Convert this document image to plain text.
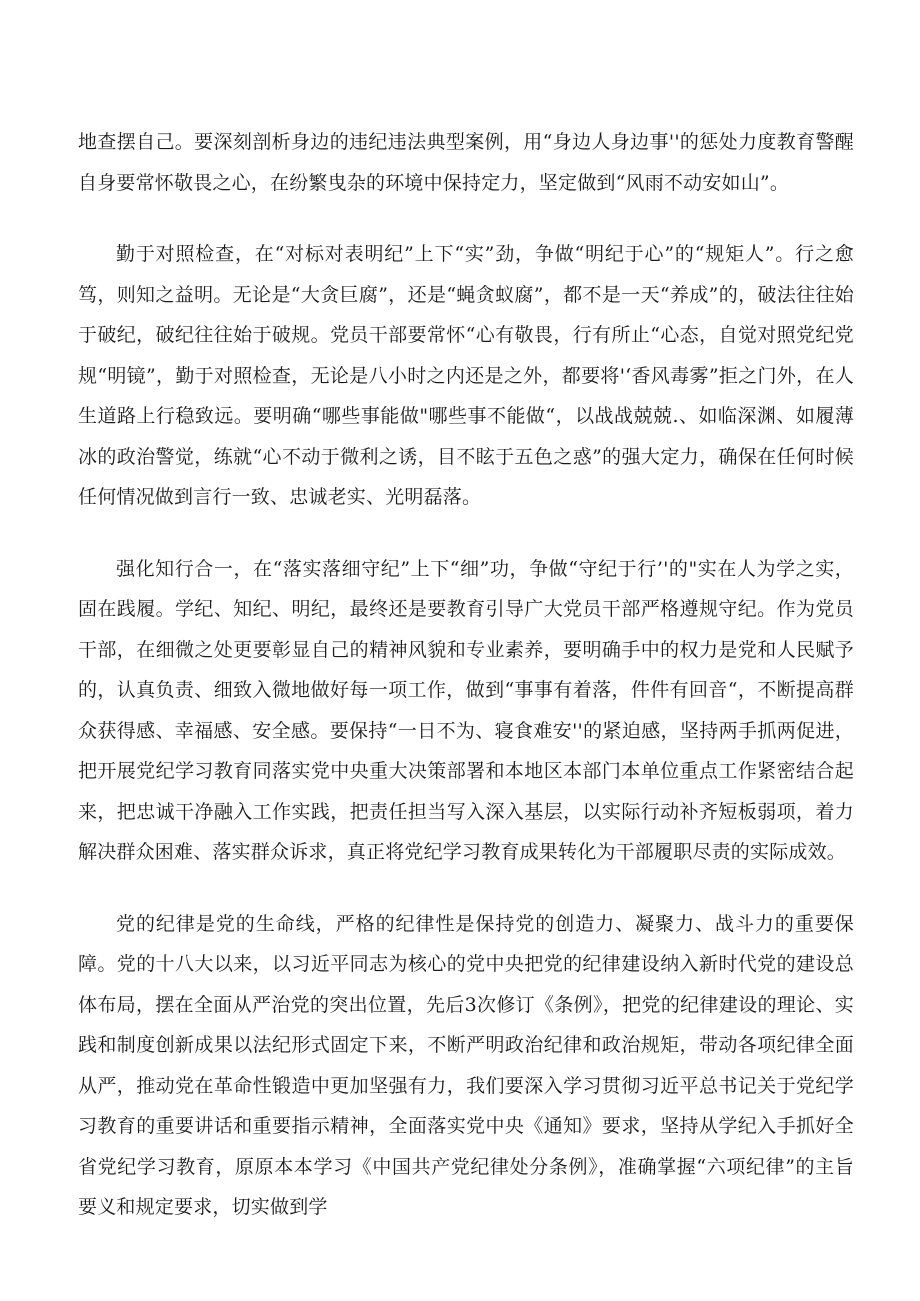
地查摆自己。要深刻剖析身边的违纪违法典型案例，用“身边人身边事''的惩处力度教育警醒自身要常怀敬畏之心，在纷繁曳杂的环境中保持定力，坚定做到“风雨不动安如山”。

勤于对照检查，在“对标对表明纪”上下“实”劲，争做“明纪于心”的“规矩人”。行之愈笃，则知之益明。无论是“大贪巨腐”，还是“蝇贪蚁腐”，都不是一天“养成”的，破法往往始于破纪，破纪往往始于破规。党员干部要常怀“心有敬畏，行有所止“心态，自觉对照党纪党规“明镜”，勤于对照检查，无论是八小时之内还是之外，都要将'‘香风毒雾”拒之门外，在人生道路上行稳致远。要明确“哪些事能做"哪些事不能做“，以战战兢兢.、如临深渊、如履薄冰的政治警觉，练就“心不动于微利之诱，目不眩于五色之惑”的强大定力，确保在任何时候任何情况做到言行一致、忠诚老实、光明磊落。

强化知行合一，在“落实落细守纪”上下“细”功，争做“守纪于行’'的"实在人为学之实，固在践履。学纪、知纪、明纪，最终还是要教育引导广大党员干部严格遵规守纪。作为党员干部，在细微之处更要彰显自己的精神风貌和专业素养，要明确手中的权力是党和人民赋予的，认真负责、细致入微地做好每一项工作，做到“事事有着落，件件有回音“，不断提高群众获得感、幸福感、安全感。要保持“一日不为、寝食难安''的紧迫感，坚持两手抓两促进，把开展党纪学习教育同落实党中央重大决策部署和本地区本部门本单位重点工作紧密结合起来，把忠诚干净融入工作实践，把责任担当写入深入基层，以实际行动补齐短板弱项，着力解决群众困难、落实群众诉求，真正将党纪学习教育成果转化为干部履职尽责的实际成效。

党的纪律是党的生命线，严格的纪律性是保持党的创造力、凝聚力、战斗力的重要保障。党的十八大以来，以习近平同志为核心的党中央把党的纪律建设纳入新时代党的建设总体布局，摆在全面从严治党的突出位置，先后3次修订《条例》，把党的纪律建设的理论、实践和制度创新成果以法纪形式固定下来，不断严明政治纪律和政治规矩，带动各项纪律全面从严，推动党在革命性锻造中更加坚强有力，我们要深入学习贯彻习近平总书记关于党纪学习教育的重要讲话和重要指示精神，全面落实党中央《通知》要求，坚持从学纪入手抓好全省党纪学习教育，原原本本学习《中国共产党纪律处分条例》，准确掌握“六项纪律”的主旨要义和规定要求，切实做到学
